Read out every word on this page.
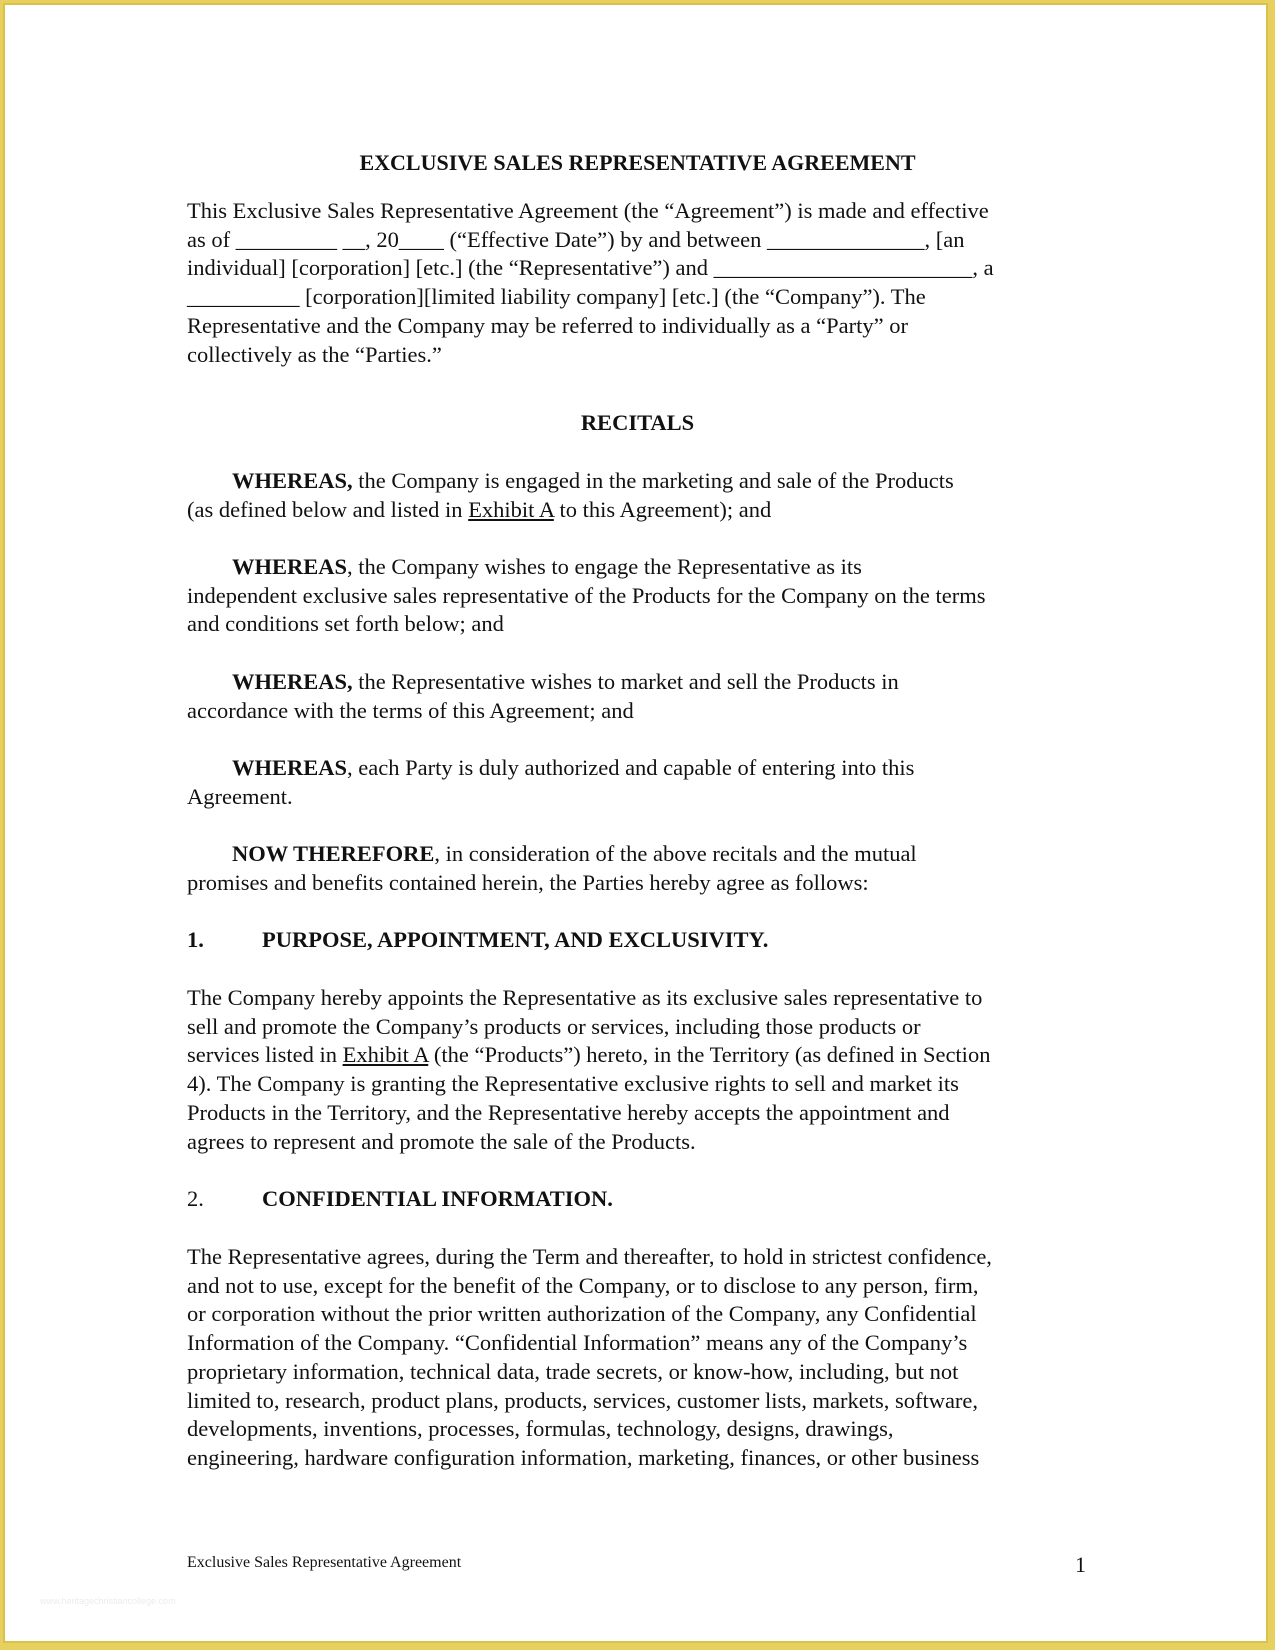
EXCLUSIVE SALES REPRESENTATIVE AGREEMENT

This Exclusive Sales Representative Agreement (the “Agreement”) is made and effective
as of _________ __, 20____ (“Effective Date”) by and between ______________, [an
individual] [corporation] [etc.] (the “Representative”) and _______________________, a
__________ [corporation][limited liability company] [etc.] (the “Company”). The
Representative and the Company may be referred to individually as a “Party” or
collectively as the “Parties.”

RECITALS

WHEREAS, the Company is engaged in the marketing and sale of the Products
(as defined below and listed in Exhibit A to this Agreement); and

WHEREAS, the Company wishes to engage the Representative as its
independent exclusive sales representative of the Products for the Company on the terms
and conditions set forth below; and

WHEREAS, the Representative wishes to market and sell the Products in
accordance with the terms of this Agreement; and

WHEREAS, each Party is duly authorized and capable of entering into this
Agreement.

NOW THEREFORE, in consideration of the above recitals and the mutual
promises and benefits contained herein, the Parties hereby agree as follows:

1.	PURPOSE, APPOINTMENT, AND EXCLUSIVITY.

The Company hereby appoints the Representative as its exclusive sales representative to
sell and promote the Company’s products or services, including those products or
services listed in Exhibit A (the “Products”) hereto, in the Territory (as defined in Section
4). The Company is granting the Representative exclusive rights to sell and market its
Products in the Territory, and the Representative hereby accepts the appointment and
agrees to represent and promote the sale of the Products.

2.	CONFIDENTIAL INFORMATION.

The Representative agrees, during the Term and thereafter, to hold in strictest confidence,
and not to use, except for the benefit of the Company, or to disclose to any person, firm,
or corporation without the prior written authorization of the Company, any Confidential
Information of the Company. “Confidential Information” means any of the Company’s
proprietary information, technical data, trade secrets, or know-how, including, but not
limited to, research, product plans, products, services, customer lists, markets, software,
developments, inventions, processes, formulas, technology, designs, drawings,
engineering, hardware configuration information, marketing, finances, or other business

Exclusive Sales Representative Agreement	1
www.heritagechristiancollege.com
